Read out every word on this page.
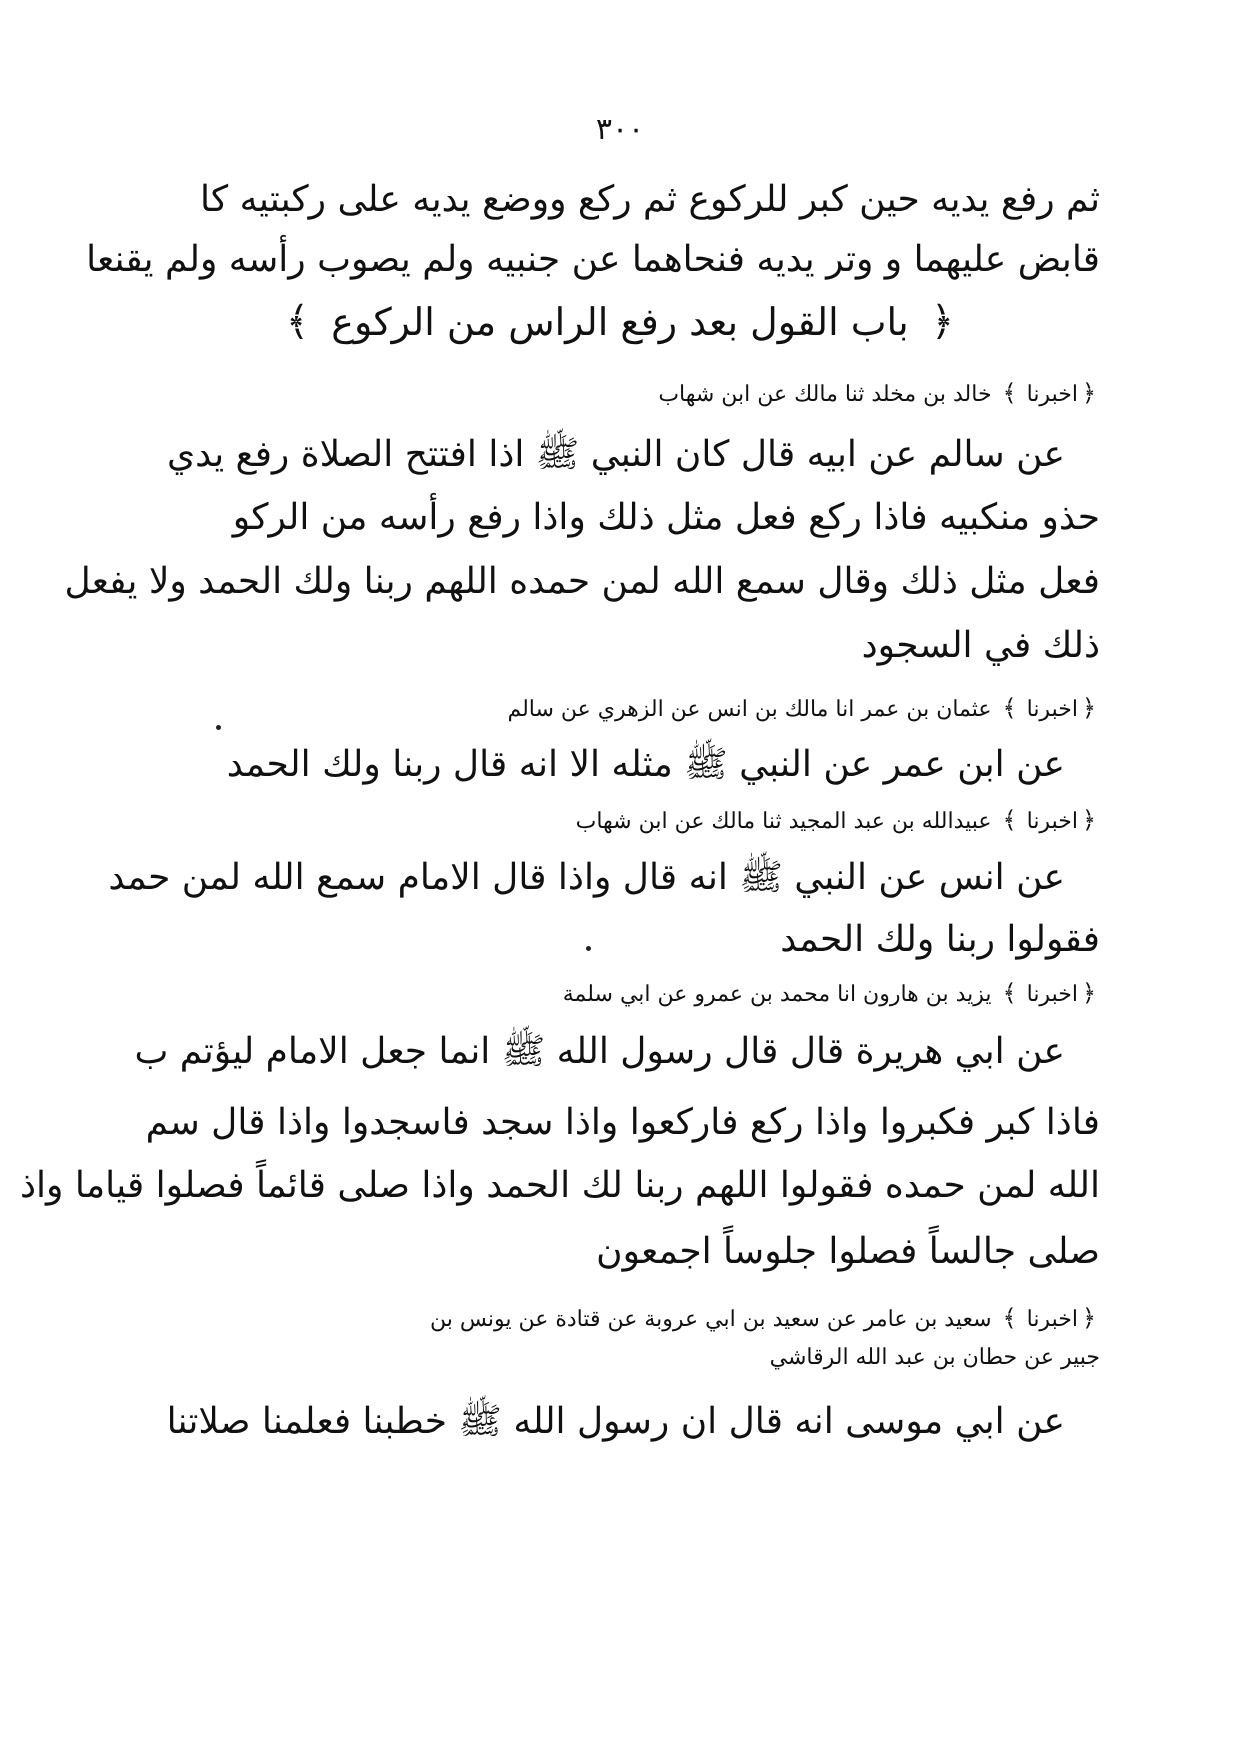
٣٠٠
ثم رفع يديه حين كبر للركوع ثم ركع ووضع يديه على ركبتيه كا
قابض عليهما و وتر يديه فنحاهما عن جنبيه ولم يصوب رأسه ولم يقنعا
﴿ باب القول بعد رفع الراس من الركوع ﴾
﴿اخبرنا﴾ خالد بن مخلد ثنا مالك عن ابن شهاب
عن سالم عن ابيه قال كان النبي ﷺ اذا افتتح الصلاة رفع يدي
حذو منكبيه فاذا ركع فعل مثل ذلك واذا رفع رأسه من الركو
فعل مثل ذلك وقال سمع الله لمن حمده اللهم ربنا ولك الحمد ولا يفعل
ذلك في السجود
﴿اخبرنا﴾ عثمان بن عمر انا مالك بن انس عن الزهري عن سالم
عن ابن عمر عن النبي ﷺ مثله الا انه قال ربنا ولك الحمد
﴿اخبرنا﴾ عبيدالله بن عبد المجيد ثنا مالك عن ابن شهاب
عن انس عن النبي ﷺ انه قال واذا قال الامام سمع الله لمن حمد
فقولوا ربنا ولك الحمد
﴿اخبرنا﴾ يزيد بن هارون انا محمد بن عمرو عن ابي سلمة
عن ابي هريرة قال قال رسول الله ﷺ انما جعل الامام ليؤتم ب
فاذا كبر فكبروا واذا ركع فاركعوا واذا سجد فاسجدوا واذا قال سم
الله لمن حمده فقولوا اللهم ربنا لك الحمد واذا صلى قائماً فصلوا قياما واذ
صلى جالساً فصلوا جلوساً اجمعون
﴿اخبرنا﴾ سعيد بن عامر عن سعيد بن ابي عروبة عن قتادة عن يونس بن
جبير عن حطان بن عبد الله الرقاشي
عن ابي موسى انه قال ان رسول الله ﷺ خطبنا فعلمنا صلاتنا
